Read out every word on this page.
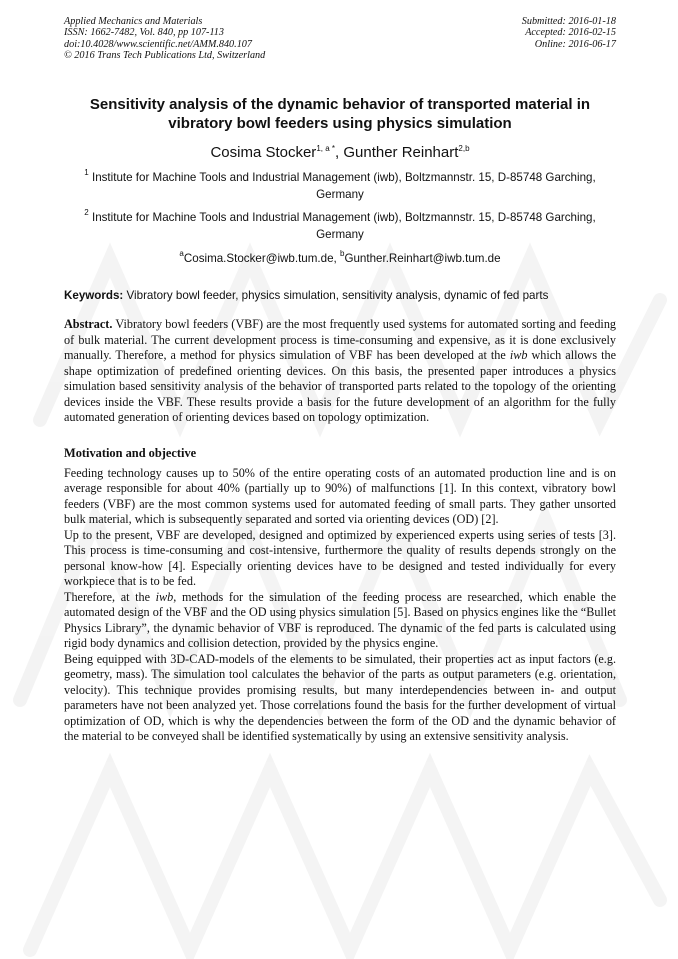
Applied Mechanics and Materials
ISSN: 1662-7482, Vol. 840, pp 107-113
doi:10.4028/www.scientific.net/AMM.840.107
© 2016 Trans Tech Publications Ltd, Switzerland
Submitted: 2016-01-18
Accepted: 2016-02-15
Online: 2016-06-17
Sensitivity analysis of the dynamic behavior of transported material in vibratory bowl feeders using physics simulation
Cosima Stocker$^{1, a *}$, Gunther Reinhart$^{2,b}$
$^1$ Institute for Machine Tools and Industrial Management (iwb), Boltzmannstr. 15, D-85748 Garching, Germany
$^2$ Institute for Machine Tools and Industrial Management (iwb), Boltzmannstr. 15, D-85748 Garching, Germany
$^a$Cosima.Stocker@iwb.tum.de, $^b$Gunther.Reinhart@iwb.tum.de
Keywords: Vibratory bowl feeder, physics simulation, sensitivity analysis, dynamic of fed parts

Abstract. Vibratory bowl feeders (VBF) are the most frequently used systems for automated sorting and feeding of bulk material. The current development process is time-consuming and expensive, as it is done exclusively manually. Therefore, a method for physics simulation of VBF has been developed at the iwb which allows the shape optimization of predefined orienting devices. On this basis, the presented paper introduces a physics simulation based sensitivity analysis of the behavior of transported parts related to the topology of the orienting devices inside the VBF. These results provide a basis for the future development of an algorithm for the fully automated generation of orienting devices based on topology optimization.

Motivation and objective

Feeding technology causes up to 50% of the entire operating costs of an automated production line and is on average responsible for about 40% (partially up to 90%) of malfunctions [1]. In this context, vibratory bowl feeders (VBF) are the most common systems used for automated feeding of small parts. They gather unsorted bulk material, which is subsequently separated and sorted via orienting devices (OD) [2].

Up to the present, VBF are developed, designed and optimized by experienced experts using series of tests [3]. This process is time-consuming and cost-intensive, furthermore the quality of results depends strongly on the personal know-how [4]. Especially orienting devices have to be designed and tested individually for every workpiece that is to be fed.

Therefore, at the iwb, methods for the simulation of the feeding process are researched, which enable the automated design of the VBF and the OD using physics simulation [5]. Based on physics engines like the “Bullet Physics Library”, the dynamic behavior of VBF is reproduced. The dynamic of the fed parts is calculated using rigid body dynamics and collision detection, provided by the physics engine.

Being equipped with 3D-CAD-models of the elements to be simulated, their properties act as input factors (e.g. geometry, mass). The simulation tool calculates the behavior of the parts as output parameters (e.g. orientation, velocity). This technique provides promising results, but many interdependencies between in- and output parameters have not been analyzed yet. Those correlations found the basis for the further development of virtual optimization of OD, which is why the dependencies between the form of the OD and the dynamic behavior of the material to be conveyed shall be identified systematically by using an extensive sensitivity analysis.
